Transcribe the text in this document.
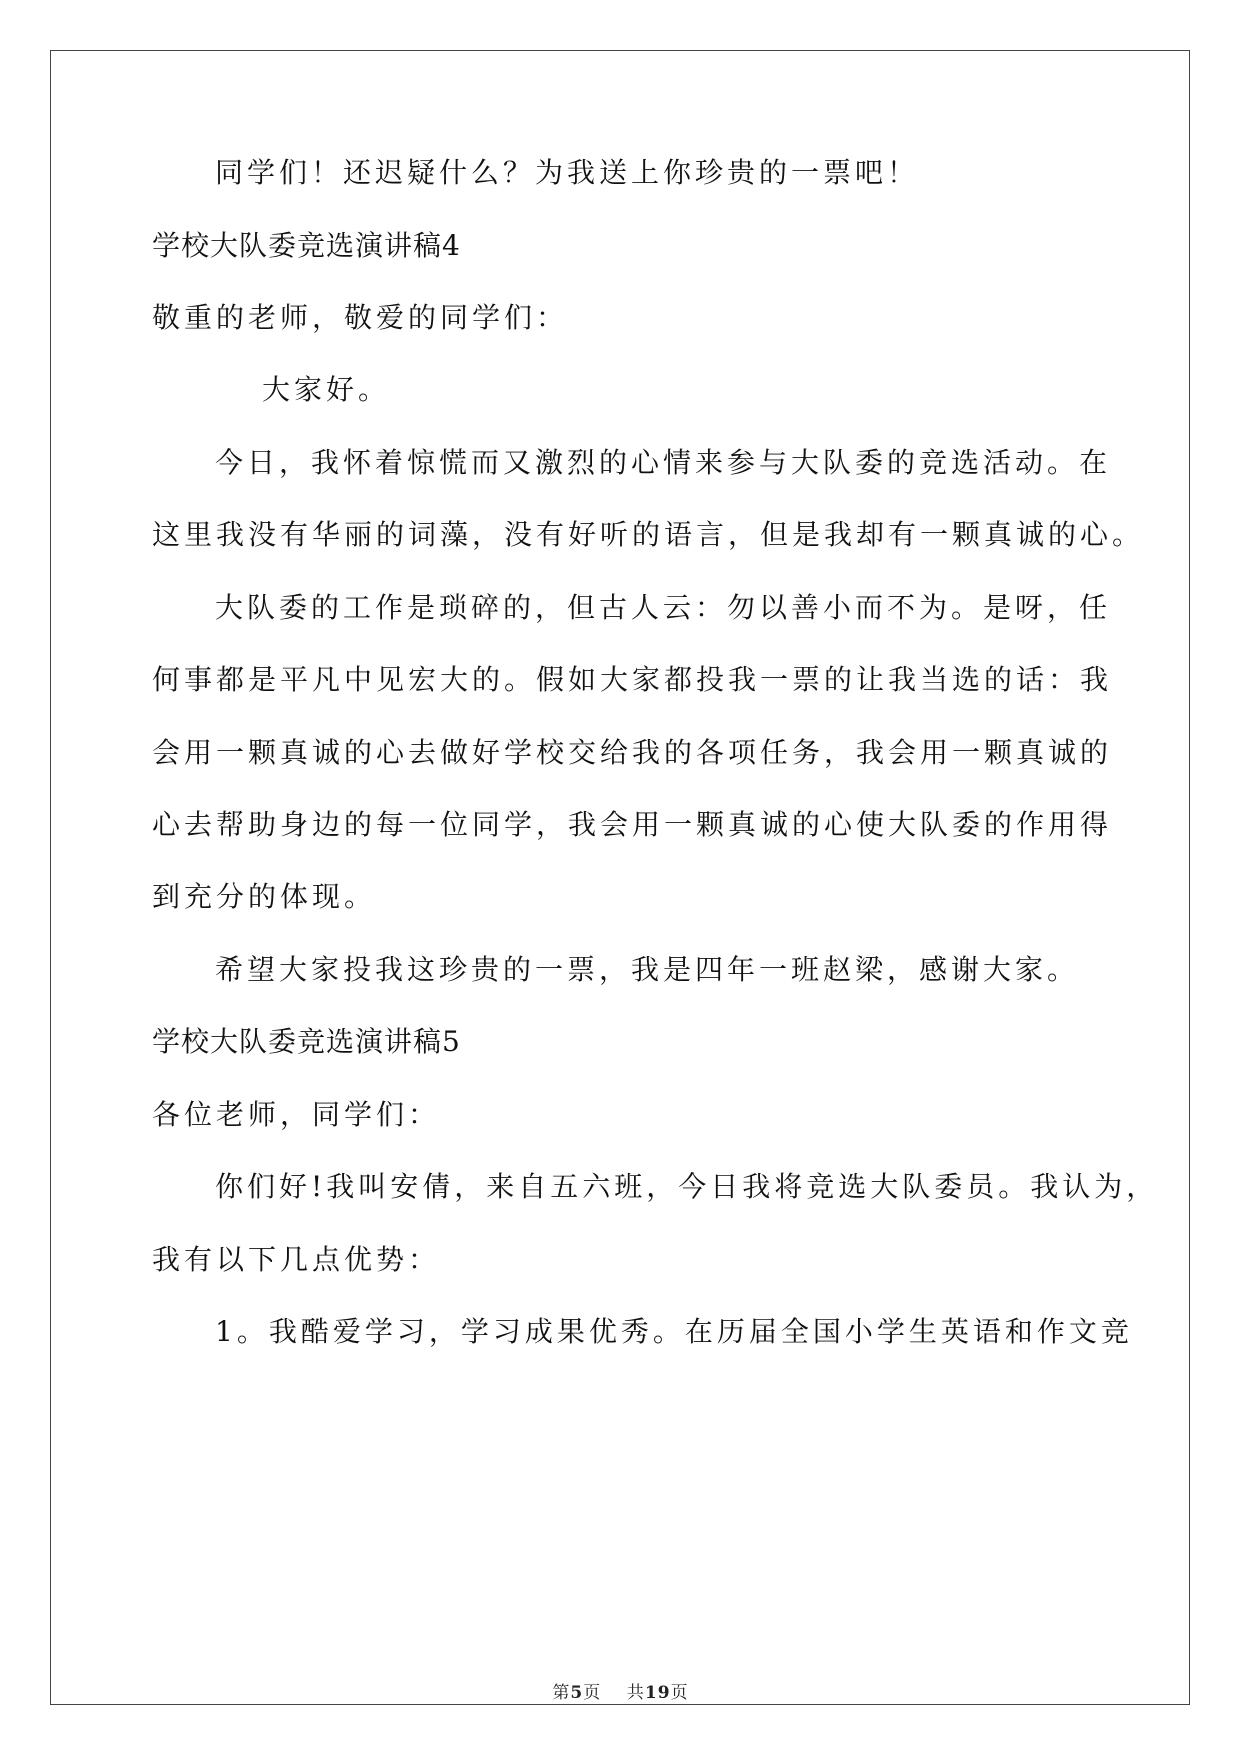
同学们！还迟疑什么？为我送上你珍贵的一票吧！
学校大队委竞选演讲稿4
敬重的老师，敬爱的同学们：
大家好。
今日，我怀着惊慌而又激烈的心情来参与大队委的竞选活动。在
这里我没有华丽的词藻，没有好听的语言，但是我却有一颗真诚的心。
大队委的工作是琐碎的，但古人云：勿以善小而不为。是呀，任
何事都是平凡中见宏大的。假如大家都投我一票的让我当选的话：我
会用一颗真诚的心去做好学校交给我的各项任务，我会用一颗真诚的
心去帮助身边的每一位同学，我会用一颗真诚的心使大队委的作用得
到充分的体现。
希望大家投我这珍贵的一票，我是四年一班赵梁，感谢大家。
学校大队委竞选演讲稿5
各位老师，同学们：
你们好!我叫安倩，来自五六班，今日我将竞选大队委员。我认为，
我有以下几点优势：
1。我酷爱学习，学习成果优秀。在历届全国小学生英语和作文竞
第5页 共19页
